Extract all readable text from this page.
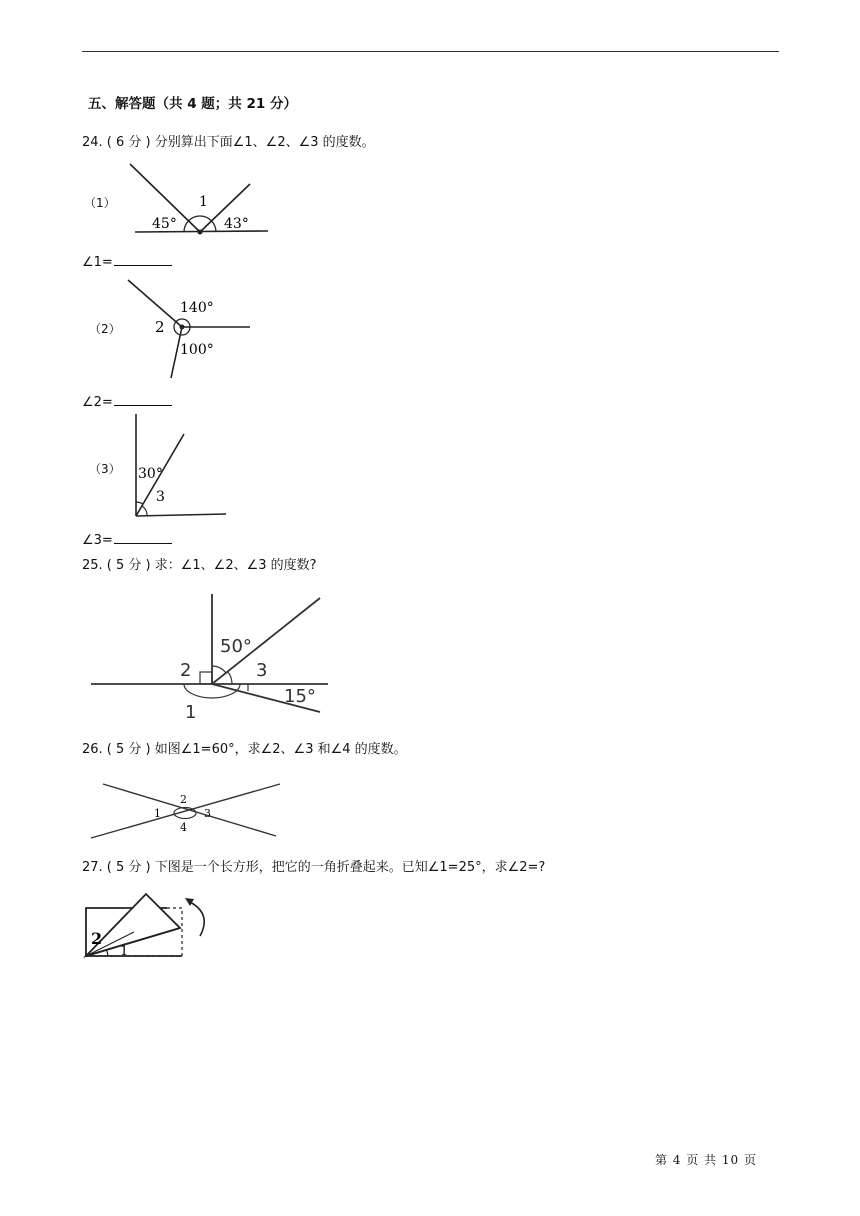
五、解答题（共 4 题；共 21 分）
24. ( 6 分 ) 分别算出下面∠1、∠2、∠3 的度数。
（1）
45°
1
43°
∠1=
（2）
140°
2
100°
∠2=
（3） 30°
3
∠3=
25. ( 5 分 ) 求：∠1、∠2、∠3 的度数?
50°
2	3
15°
1
26. ( 5 分 ) 如图∠1=60°，求∠2、∠3 和∠4 的度数。
1
2
3
4
27. ( 5 分 ) 下图是一个长方形，把它的一角折叠起来。已知∠1=25°，求∠2=?
2
1
第 4 页 共 10 页
